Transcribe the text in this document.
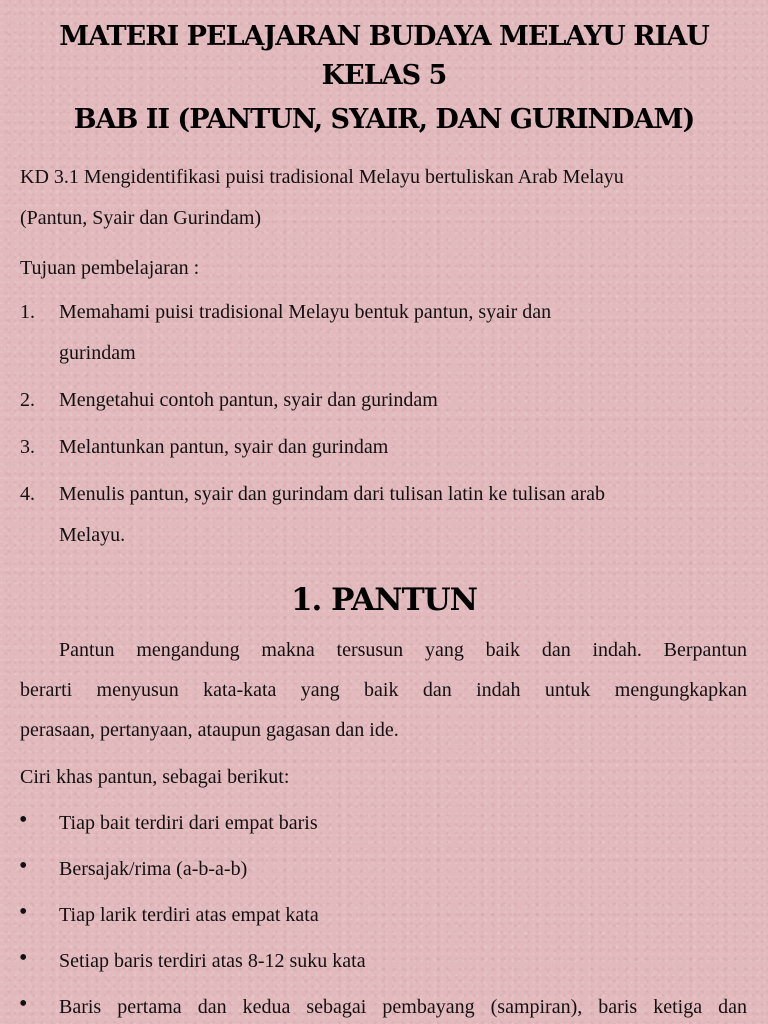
MATERI PELAJARAN BUDAYA MELAYU RIAU
KELAS 5
BAB II (PANTUN, SYAIR, DAN GURINDAM)
KD 3.1 Mengidentifikasi puisi tradisional Melayu bertuliskan Arab Melayu
(Pantun, Syair dan Gurindam)
Tujuan pembelajaran :
1. Memahami puisi tradisional Melayu bentuk pantun, syair dan
gurindam
2. Mengetahui contoh pantun, syair dan gurindam
3. Melantunkan pantun, syair dan gurindam
4. Menulis pantun, syair dan gurindam dari tulisan latin ke tulisan arab
Melayu.
1. PANTUN
Pantun mengandung makna tersusun yang baik dan indah. Berpantun
berarti menyusun kata-kata yang baik dan indah untuk mengungkapkan
perasaan, pertanyaan, ataupun gagasan dan ide.
Ciri khas pantun, sebagai berikut:
• Tiap bait terdiri dari empat baris
• Bersajak/rima (a-b-a-b)
• Tiap larik terdiri atas empat kata
• Setiap baris terdiri atas 8-12 suku kata
• Baris pertama dan kedua sebagai pembayang (sampiran), baris ketiga dan
